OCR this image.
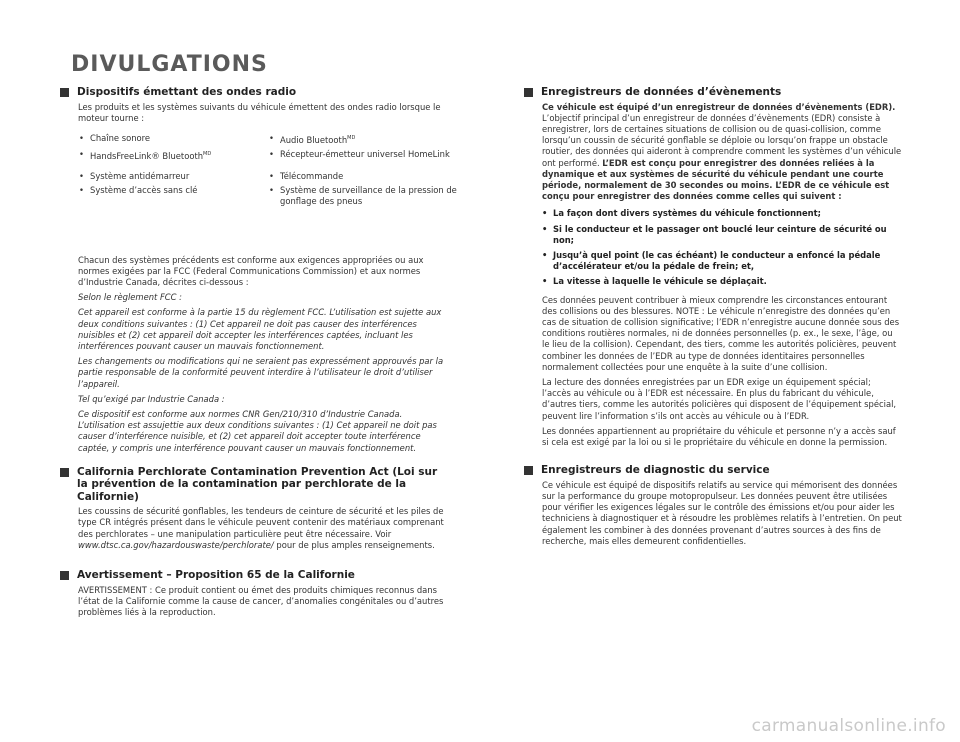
DIVULGATIONS
Dispositifs émettant des ondes radio
Les produits et les systèmes suivants du véhicule émettent des ondes radio lorsque le moteur tourne :
• Chaîne sonore	• Audio Bluetooth$^{MD}$
• HandsFreeLink® Bluetooth$^{MD}$	• Récepteur-émetteur universel HomeLink
• Système antidémarreur	• Télécommande
• Système d’accès sans clé	• Système de surveillance de la pression de gonflage des pneus
Chacun des systèmes précédents est conforme aux exigences appropriées ou aux normes exigées par la FCC (Federal Communications Commission) et aux normes d’Industrie Canada, décrites ci-dessous :
Selon le règlement FCC :
Cet appareil est conforme à la partie 15 du règlement FCC. L’utilisation est sujette aux deux conditions suivantes : (1) Cet appareil ne doit pas causer des interférences nuisibles et (2) cet appareil doit accepter les interférences captées, incluant les interférences pouvant causer un mauvais fonctionnement.
Les changements ou modifications qui ne seraient pas expressément approuvés par la partie responsable de la conformité peuvent interdire à l’utilisateur le droit d’utiliser l’appareil.
Tel qu’exigé par Industrie Canada :
Ce dispositif est conforme aux normes CNR Gen/210/310 d’Industrie Canada. L’utilisation est assujettie aux deux conditions suivantes : (1) Cet appareil ne doit pas causer d’interférence nuisible, et (2) cet appareil doit accepter toute interférence captée, y compris une interférence pouvant causer un mauvais fonctionnement.
California Perchlorate Contamination Prevention Act (Loi sur la prévention de la contamination par perchlorate de la Californie)
Les coussins de sécurité gonflables, les tendeurs de ceinture de sécurité et les piles de type CR intégrés présent dans le véhicule peuvent contenir des matériaux comprenant des perchlorates – une manipulation particulière peut être nécessaire. Voir www.dtsc.ca.gov/hazardouswaste/perchlorate/ pour de plus amples renseignements.
Avertissement – Proposition 65 de la Californie
AVERTISSEMENT : Ce produit contient ou émet des produits chimiques reconnus dans l’état de la Californie comme la cause de cancer, d’anomalies congénitales ou d’autres problèmes liés à la reproduction.
Enregistreurs de données d’évènements
Ce véhicule est équipé d’un enregistreur de données d’évènements (EDR). L’objectif principal d’un enregistreur de données d’évènements (EDR) consiste à enregistrer, lors de certaines situations de collision ou de quasi-collision, comme lorsqu’un coussin de sécurité gonflable se déploie ou lorsqu’on frappe un obstacle routier, des données qui aideront à comprendre comment les systèmes d’un véhicule ont performé. L’EDR est conçu pour enregistrer des données reliées à la dynamique et aux systèmes de sécurité du véhicule pendant une courte période, normalement de 30 secondes ou moins. L’EDR de ce véhicule est conçu pour enregistrer des données comme celles qui suivent :
• La façon dont divers systèmes du véhicule fonctionnent;
• Si le conducteur et le passager ont bouclé leur ceinture de sécurité ou non;
• Jusqu’à quel point (le cas échéant) le conducteur a enfoncé la pédale d’accélérateur et/ou la pédale de frein; et,
• La vitesse à laquelle le véhicule se déplaçait.
Ces données peuvent contribuer à mieux comprendre les circonstances entourant des collisions ou des blessures. NOTE : Le véhicule n’enregistre des données qu’en cas de situation de collision significative; l’EDR n’enregistre aucune donnée sous des conditions routières normales, ni de données personnelles (p. ex., le sexe, l’âge, ou le lieu de la collision). Cependant, des tiers, comme les autorités policières, peuvent combiner les données de l’EDR au type de données identitaires personnelles normalement collectées pour une enquête à la suite d’une collision.
La lecture des données enregistrées par un EDR exige un équipement spécial; l’accès au véhicule ou à l’EDR est nécessaire. En plus du fabricant du véhicule, d’autres tiers, comme les autorités policières qui disposent de l’équipement spécial, peuvent lire l’information s’ils ont accès au véhicule ou à l’EDR.
Les données appartiennent au propriétaire du véhicule et personne n’y a accès sauf si cela est exigé par la loi ou si le propriétaire du véhicule en donne la permission.
Enregistreurs de diagnostic du service
Ce véhicule est équipé de dispositifs relatifs au service qui mémorisent des données sur la performance du groupe motopropulseur. Les données peuvent être utilisées pour vérifier les exigences légales sur le contrôle des émissions et/ou pour aider les techniciens à diagnostiquer et à résoudre les problèmes relatifs à l’entretien. On peut également les combiner à des données provenant d’autres sources à des fins de recherche, mais elles demeurent confidentielles.
carmanualsonline.info
